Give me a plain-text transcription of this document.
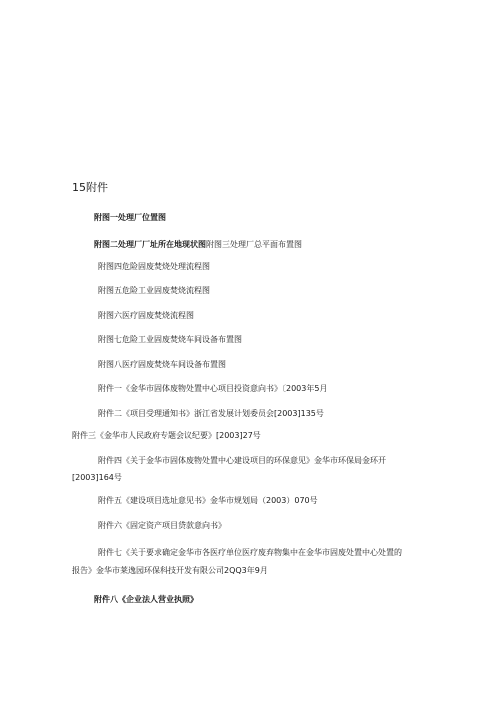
15附件
附图一处理厂位置图
附图二处理厂厂址所在地现状图附图三处理厂总平面布置图
附图四危险固废焚烧处理流程图
附图五危险工业固废焚烧流程图
附图六医疗固废焚烧流程图
附图七危险工业固废焚烧车间设备布置图
附图八医疗固废焚烧车间设备布置图
附件一《金华市固体废物处置中心项目投资意向书》〔2003年5月
附件二《项目受理通知书》浙江省发展计划委员会[2003]135号
附件三《金华市人民政府专题会议纪要》[2003]27号
附件四《关于金华市固体废物处置中心建设项目的环保意见》金华市环保局金环开
[2003]164号
附件五《建设项目选址意见书》金华市规划局（2003）070号
附件六《固定资产项目贷款意向书》
附件七《关于要求确定金华市各医疗单位医疗废弃物集中在金华市固废处置中心处置的
报告》金华市莱逸园环保科技开发有限公司2QQ3年9月
附件八《企业法人营业执照》
